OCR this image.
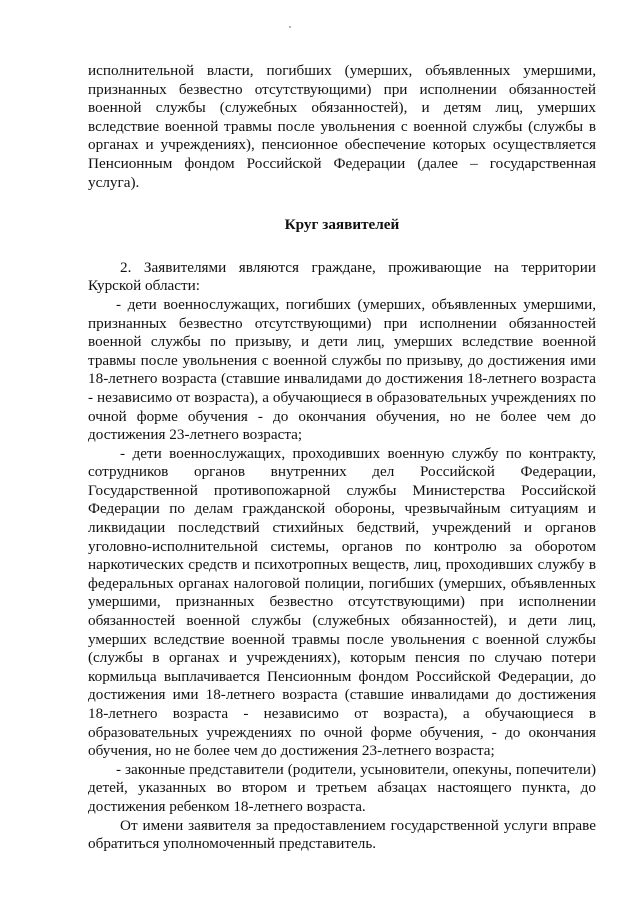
исполнительной власти, погибших (умерших, объявленных умершими, признанных безвестно отсутствующими) при исполнении обязанностей военной службы (служебных обязанностей), и детям лиц, умерших вследствие военной травмы после увольнения с военной службы (службы в органах и учреждениях), пенсионное обеспечение которых осуществляется Пенсионным фондом Российской Федерации (далее – государственная услуга).

Круг заявителей

2. Заявителями являются граждане, проживающие на территории Курской области:

- дети военнослужащих, погибших (умерших, объявленных умершими, признанных безвестно отсутствующими) при исполнении обязанностей военной службы по призыву, и дети лиц, умерших вследствие военной травмы после увольнения с военной службы по призыву, до достижения ими 18-летнего возраста (ставшие инвалидами до достижения 18-летнего возраста - независимо от возраста), а обучающиеся в образовательных учреждениях по очной форме обучения - до окончания обучения, но не более чем до достижения 23-летнего возраста;

- дети военнослужащих, проходивших военную службу по контракту, сотрудников органов внутренних дел Российской Федерации, Государственной противопожарной службы Министерства Российской Федерации по делам гражданской обороны, чрезвычайным ситуациям и ликвидации последствий стихийных бедствий, учреждений и органов уголовно-исполнительной системы, органов по контролю за оборотом наркотических средств и психотропных веществ, лиц, проходивших службу в федеральных органах налоговой полиции, погибших (умерших, объявленных умершими, признанных безвестно отсутствующими) при исполнении обязанностей военной службы (служебных обязанностей), и дети лиц, умерших вследствие военной травмы после увольнения с военной службы (службы в органах и учреждениях), которым пенсия по случаю потери кормильца выплачивается Пенсионным фондом Российской Федерации, до достижения ими 18-летнего возраста (ставшие инвалидами до достижения 18-летнего возраста - независимо от возраста), а обучающиеся в образовательных учреждениях по очной форме обучения, - до окончания обучения, но не более чем до достижения 23-летнего возраста;

- законные представители (родители, усыновители, опекуны, попечители) детей, указанных во втором и третьем абзацах настоящего пункта, до достижения ребенком 18-летнего возраста.

От имени заявителя за предоставлением государственной услуги вправе обратиться уполномоченный представитель.
